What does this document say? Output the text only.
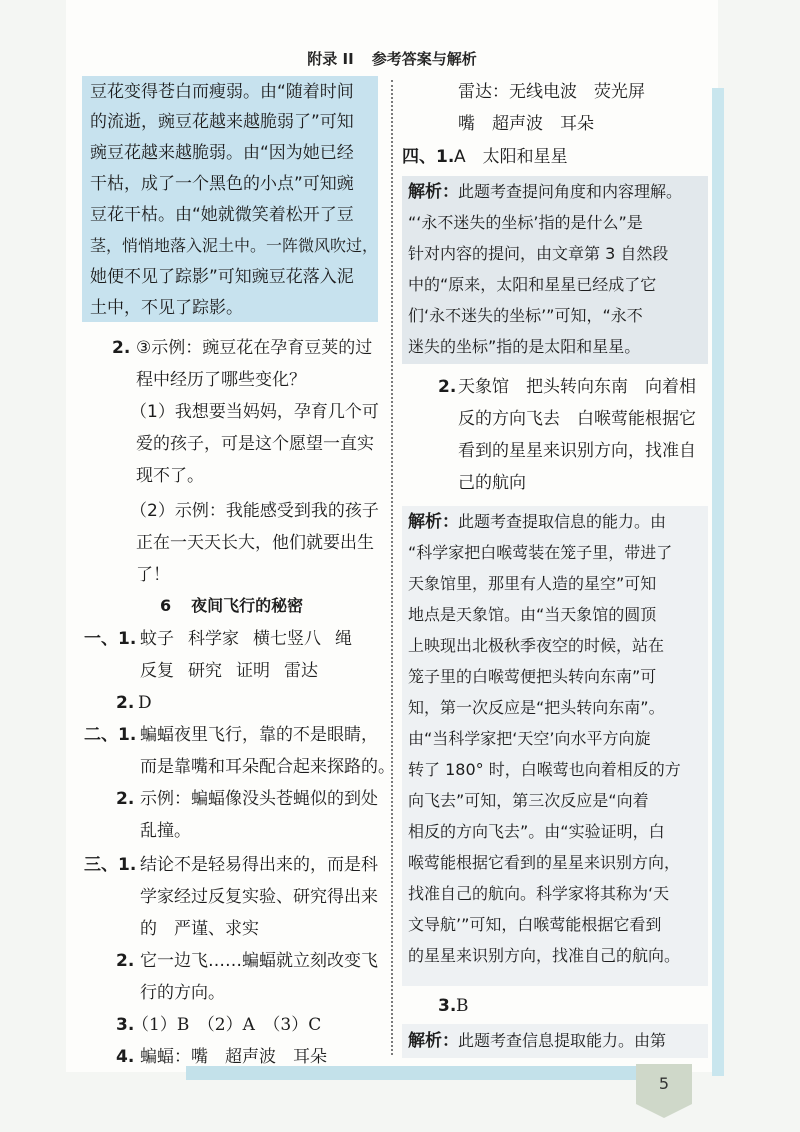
5
附录 II 参考答案与解析
豆花变得苍白而瘦弱。由“随着时间
的流逝，豌豆花越来越脆弱了”可知
豌豆花越来越脆弱。由“因为她已经
干枯，成了一个黑色的小点”可知豌
豆花干枯。由“她就微笑着松开了豆
茎，悄悄地落入泥土中。一阵微风吹过，
她便不见了踪影”可知豌豆花落入泥
土中，不见了踪影。
2. ③示例：豌豆花在孕育豆荚的过
程中经历了哪些变化？
（1）我想要当妈妈，孕育几个可
爱的孩子，可是这个愿望一直实
现不了。
（2）示例：我能感受到我的孩子
正在一天天长大，他们就要出生
了！
6 夜间飞行的秘密
一、1. 蚊子 科学家 横七竖八 绳
反复 研究 证明 雷达
2. D
二、1. 蝙蝠夜里飞行，靠的不是眼睛，
而是靠嘴和耳朵配合起来探路的。
2. 示例：蝙蝠像没头苍蝇似的到处
乱撞。
三、1. 结论不是轻易得出来的，而是科
学家经过反复实验、研究得出来
的　严谨、求实
2. 它一边飞……蝙蝠就立刻改变飞
行的方向。
3.
（1）B　（2）A　（3）C
4. 蝙蝠：嘴　超声波　耳朵
雷达：无线电波　荧光屏
嘴　超声波　耳朵
四、1. A　太阳和星星
解析： 此题考查提问角度和内容理解。
“‘永不迷失的坐标’指的是什么”是
针对内容的提问，由文章第 3 自然段
中的“原来，太阳和星星已经成了它
们‘永不迷失的坐标’”可知，“永不
迷失的坐标”指的是太阳和星星。
2. 天象馆　把头转向东南　向着相
反的方向飞去　白喉莺能根据它
看到的星星来识别方向，找准自
己的航向
解析： 此题考查提取信息的能力。由
“科学家把白喉莺装在笼子里，带进了
天象馆里，那里有人造的星空”可知
地点是天象馆。由“当天象馆的圆顶
上映现出北极秋季夜空的时候，站在
笼子里的白喉莺便把头转向东南”可
知，第一次反应是“把头转向东南”。
由“当科学家把‘天空’向水平方向旋
转了 180° 时，白喉莺也向着相反的方
向飞去”可知，第三次反应是“向着
相反的方向飞去”。由“实验证明，白
喉莺能根据它看到的星星来识别方向，
找准自己的航向。科学家将其称为‘天
文导航’”可知，白喉莺能根据它看到
的星星来识别方向，找准自己的航向。
3. B
解析： 此题考查信息提取能力。由第
